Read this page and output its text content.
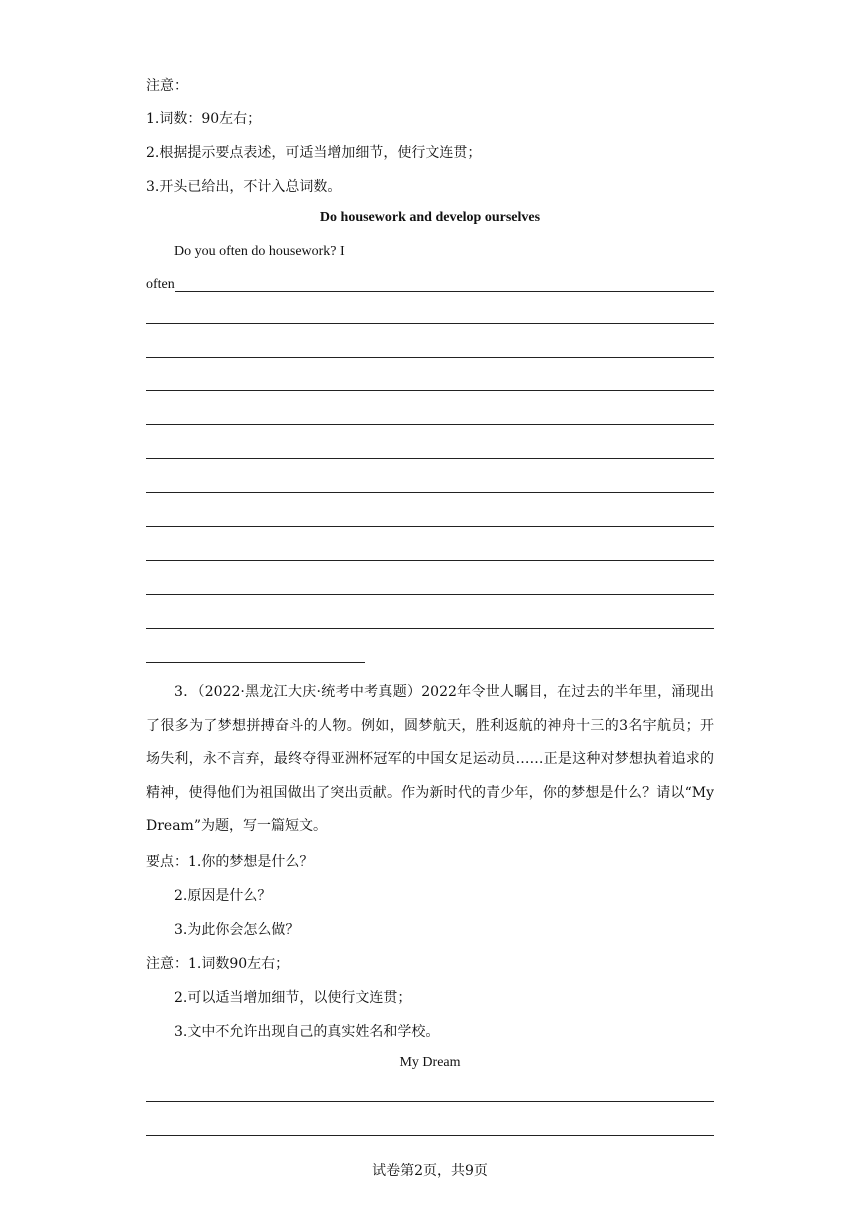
注意：
1.词数：90左右；
2.根据提示要点表述，可适当增加细节，使行文连贯；
3.开头已给出，不计入总词数。
Do housework and develop ourselves
Do you often do housework? I
often
3．（2022·黑龙江大庆·统考中考真题）2022年令世人瞩目，在过去的半年里，涌现出了很多为了梦想拼搏奋斗的人物。例如，圆梦航天，胜利返航的神舟十三的3名宇航员；开场失利，永不言弃，最终夺得亚洲杯冠军的中国女足运动员……正是这种对梦想执着追求的精神，使得他们为祖国做出了突出贡献。作为新时代的青少年，你的梦想是什么？请以“My Dream”为题，写一篇短文。
要点：1.你的梦想是什么？
2.原因是什么？
3.为此你会怎么做？
注意：1.词数90左右；
2.可以适当增加细节，以使行文连贯；
3.文中不允许出现自己的真实姓名和学校。
My Dream
试卷第2页，共9页
